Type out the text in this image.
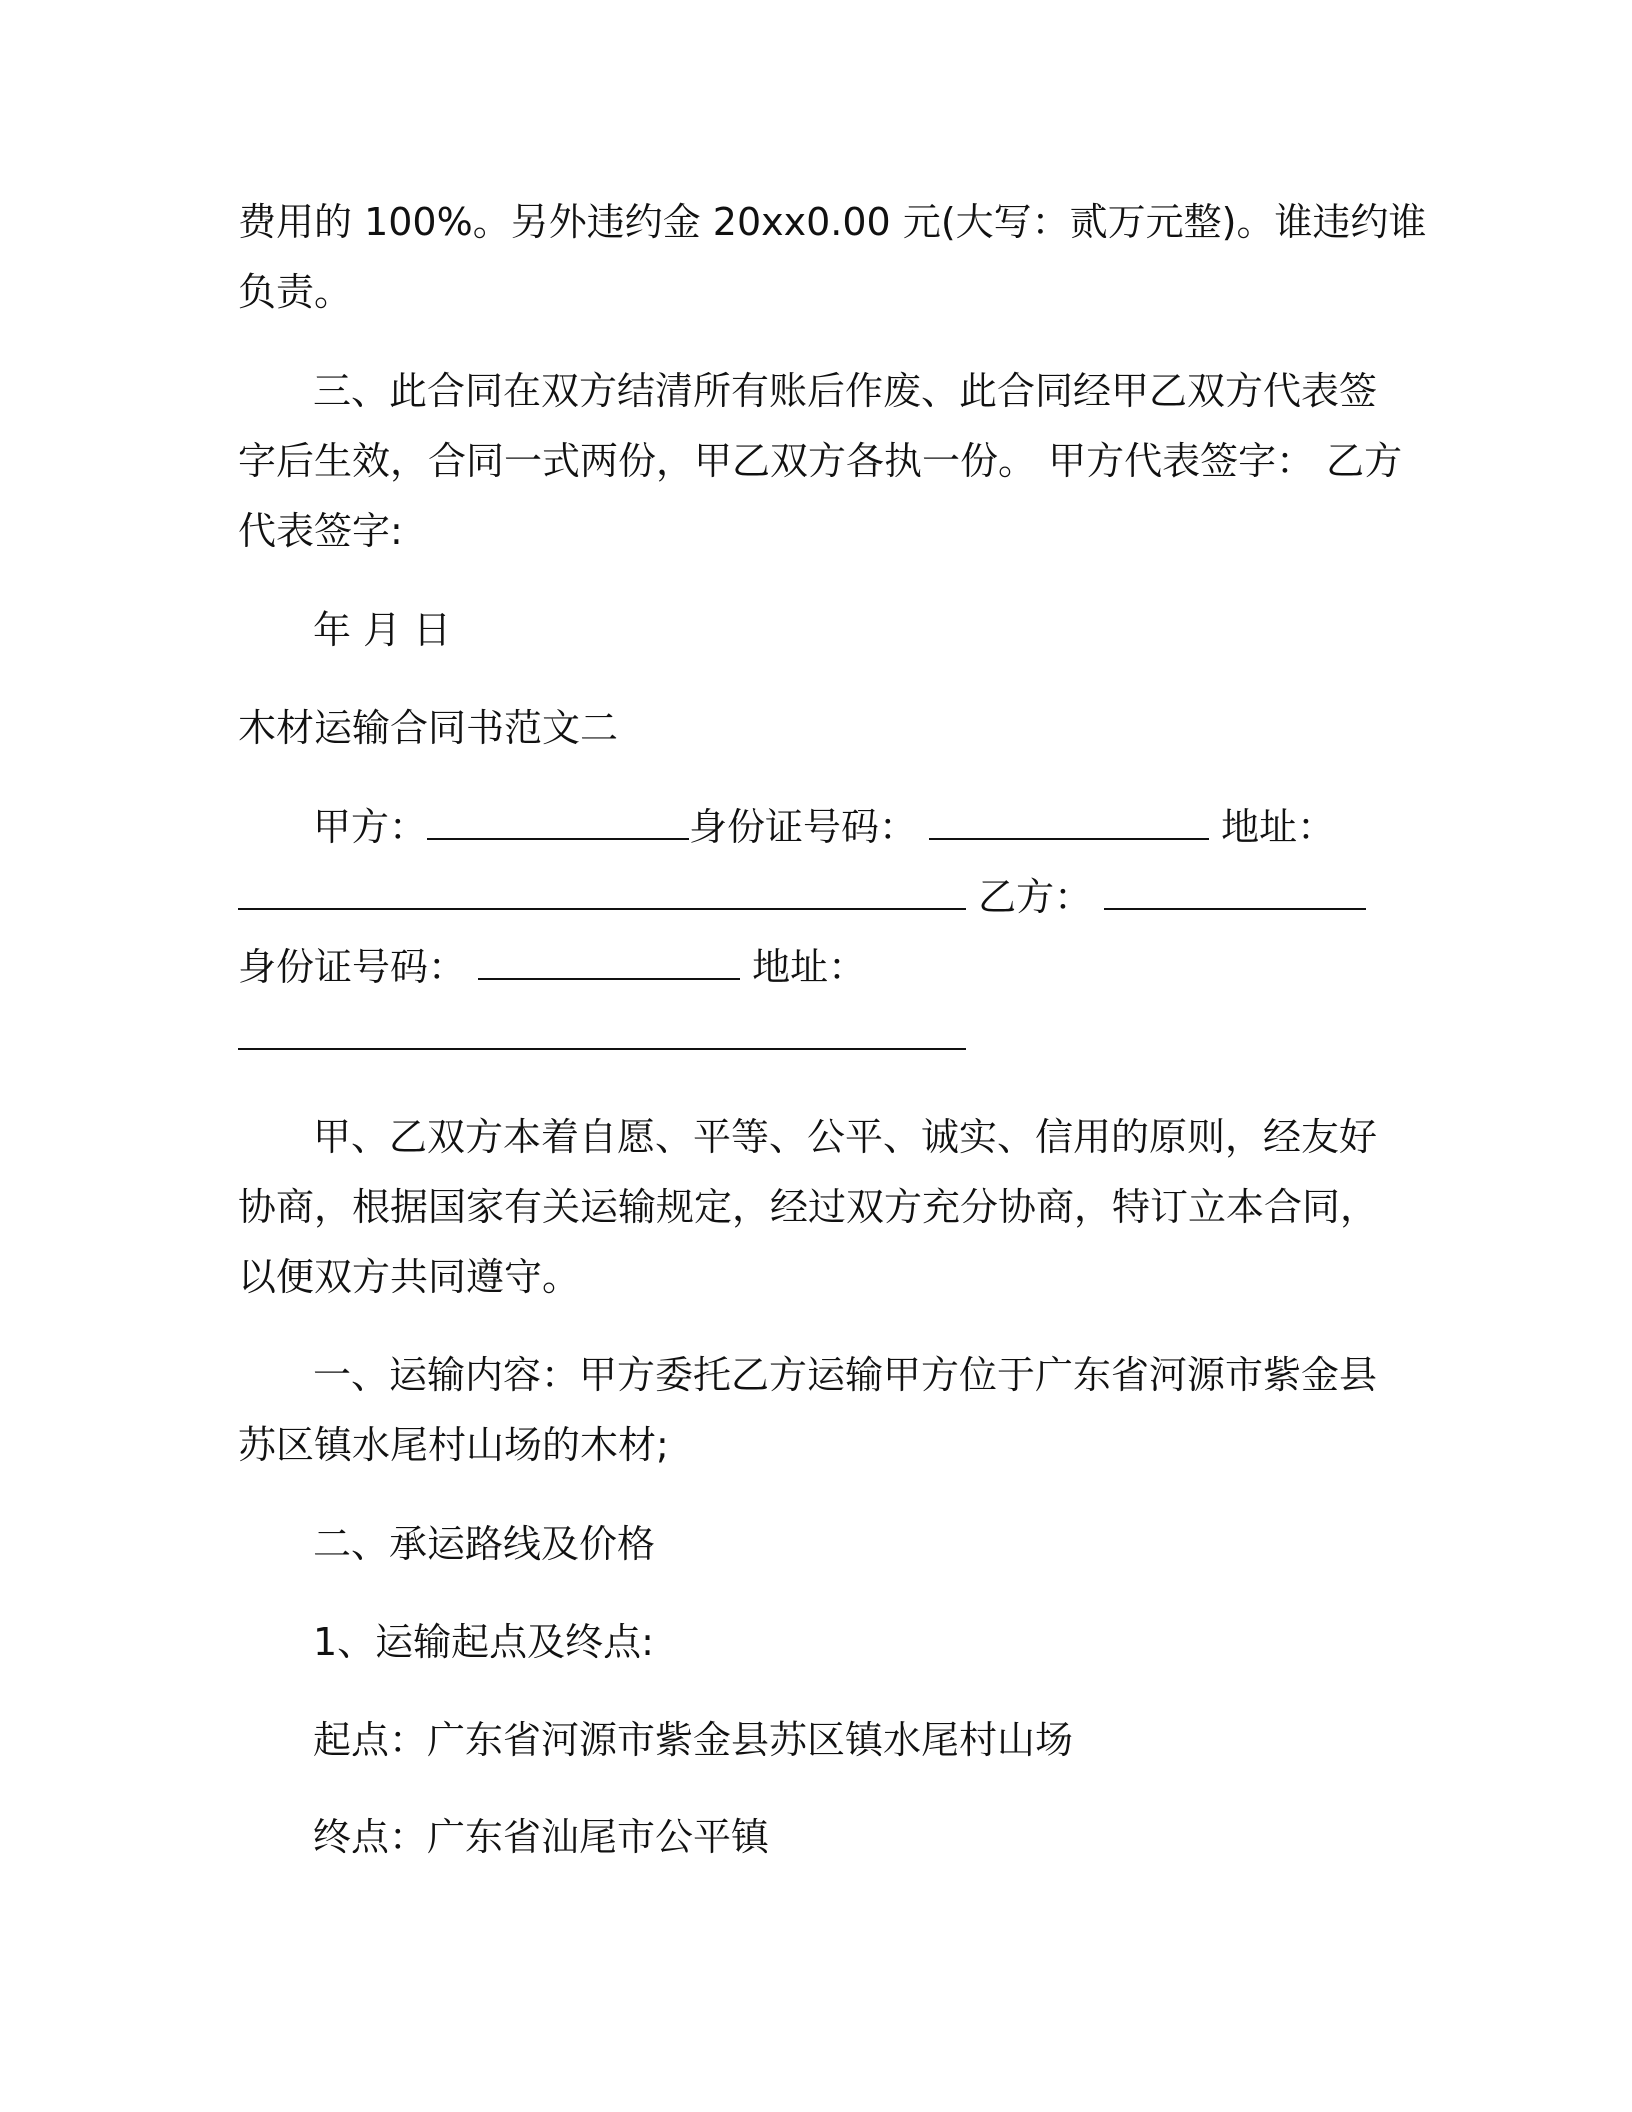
费用的 100%。另外违约金 20xx0.00 元(大写：贰万元整)。谁违约谁
负责。
三、此合同在双方结清所有账后作废、此合同经甲乙双方代表签
字后生效，合同一式两份，甲乙双方各执一份。 甲方代表签字： 乙方
代表签字:
年 月 日
木材运输合同书范文二
甲方：	身份证号码：	地址：
乙方：
身份证号码：	地址：
甲、乙双方本着自愿、平等、公平、诚实、信用的原则，经友好
协商，根据国家有关运输规定，经过双方充分协商，特订立本合同，
以便双方共同遵守。
一、运输内容：甲方委托乙方运输甲方位于广东省河源市紫金县
苏区镇水尾村山场的木材;
二、承运路线及价格
1、运输起点及终点:
起点：广东省河源市紫金县苏区镇水尾村山场
终点：广东省汕尾市公平镇
